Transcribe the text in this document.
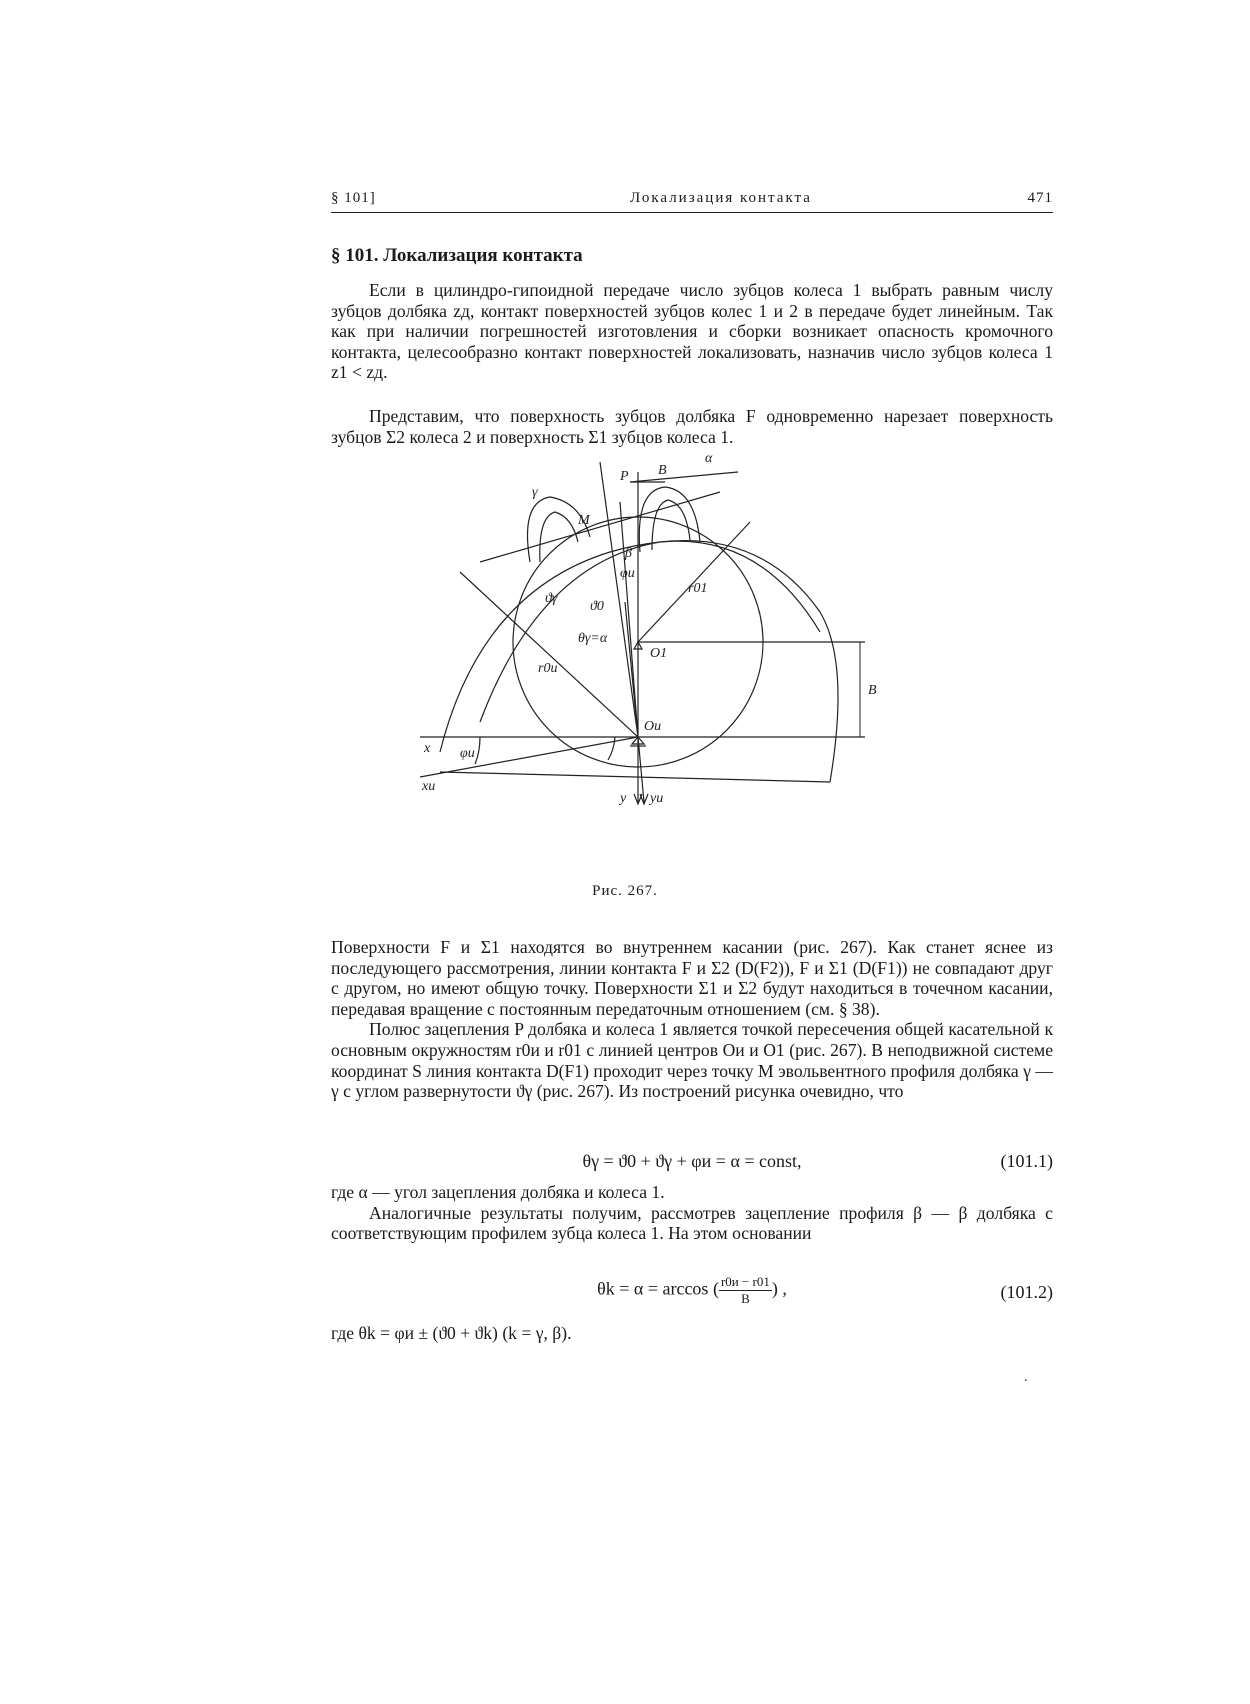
§ 101]	Локализация контакта	471
§ 101. Локализация контакта

Если в цилиндро-гипоидной передаче число зубцов колеса 1 выбрать равным числу зубцов долбяка zд, контакт поверхностей зубцов колес 1 и 2 в передаче будет линейным. Так как при наличии погрешностей изготовления и сборки возникает опасность кромочного контакта, целесообразно контакт поверхностей локализовать, назначив число зубцов колеса 1 z1 < zд.

Представим, что поверхность зубцов долбяка F одновременно нарезает поверхность зубцов Σ2 колеса 2 и поверхность Σ1 зубцов колеса 1.

P B
α
γ
M
β
φи
r01
ϑγ
ϑ0
θγ=α
O1
B
r0и
Oи
x φи
xи
y yи
Рис. 267.

Поверхности F и Σ1 находятся во внутреннем касании (рис. 267). Как станет яснее из последующего рассмотрения, линии контакта F и Σ2 (D(F2)), F и Σ1 (D(F1)) не совпадают друг с другом, но имеют общую точку. Поверхности Σ1 и Σ2 будут находиться в точечном касании, передавая вращение с постоянным передаточным отношением (см. § 38).

Полюс зацепления P долбяка и колеса 1 является точкой пересечения общей касательной к основным окружностям r0и и r01 с линией центров Oи и O1 (рис. 267). В неподвижной системе координат S линия контакта D(F1) проходит через точку M эвольвентного профиля долбяка γ — γ с углом развернутости ϑγ (рис. 267). Из построений рисунка очевидно, что

θγ = ϑ0 + ϑγ + φи = α = const,	(101.1)

где α — угол зацепления долбяка и колеса 1.

Аналогичные результаты получим, рассмотрев зацепление профиля β — β долбяка с соответствующим профилем зубца колеса 1. На этом основании

θk = α = arccos ( $\frac{r0и - r01}{B}$ ) ,	(101.2)

где θk = φи ± (ϑ0 + ϑk) (k = γ, β).

.
